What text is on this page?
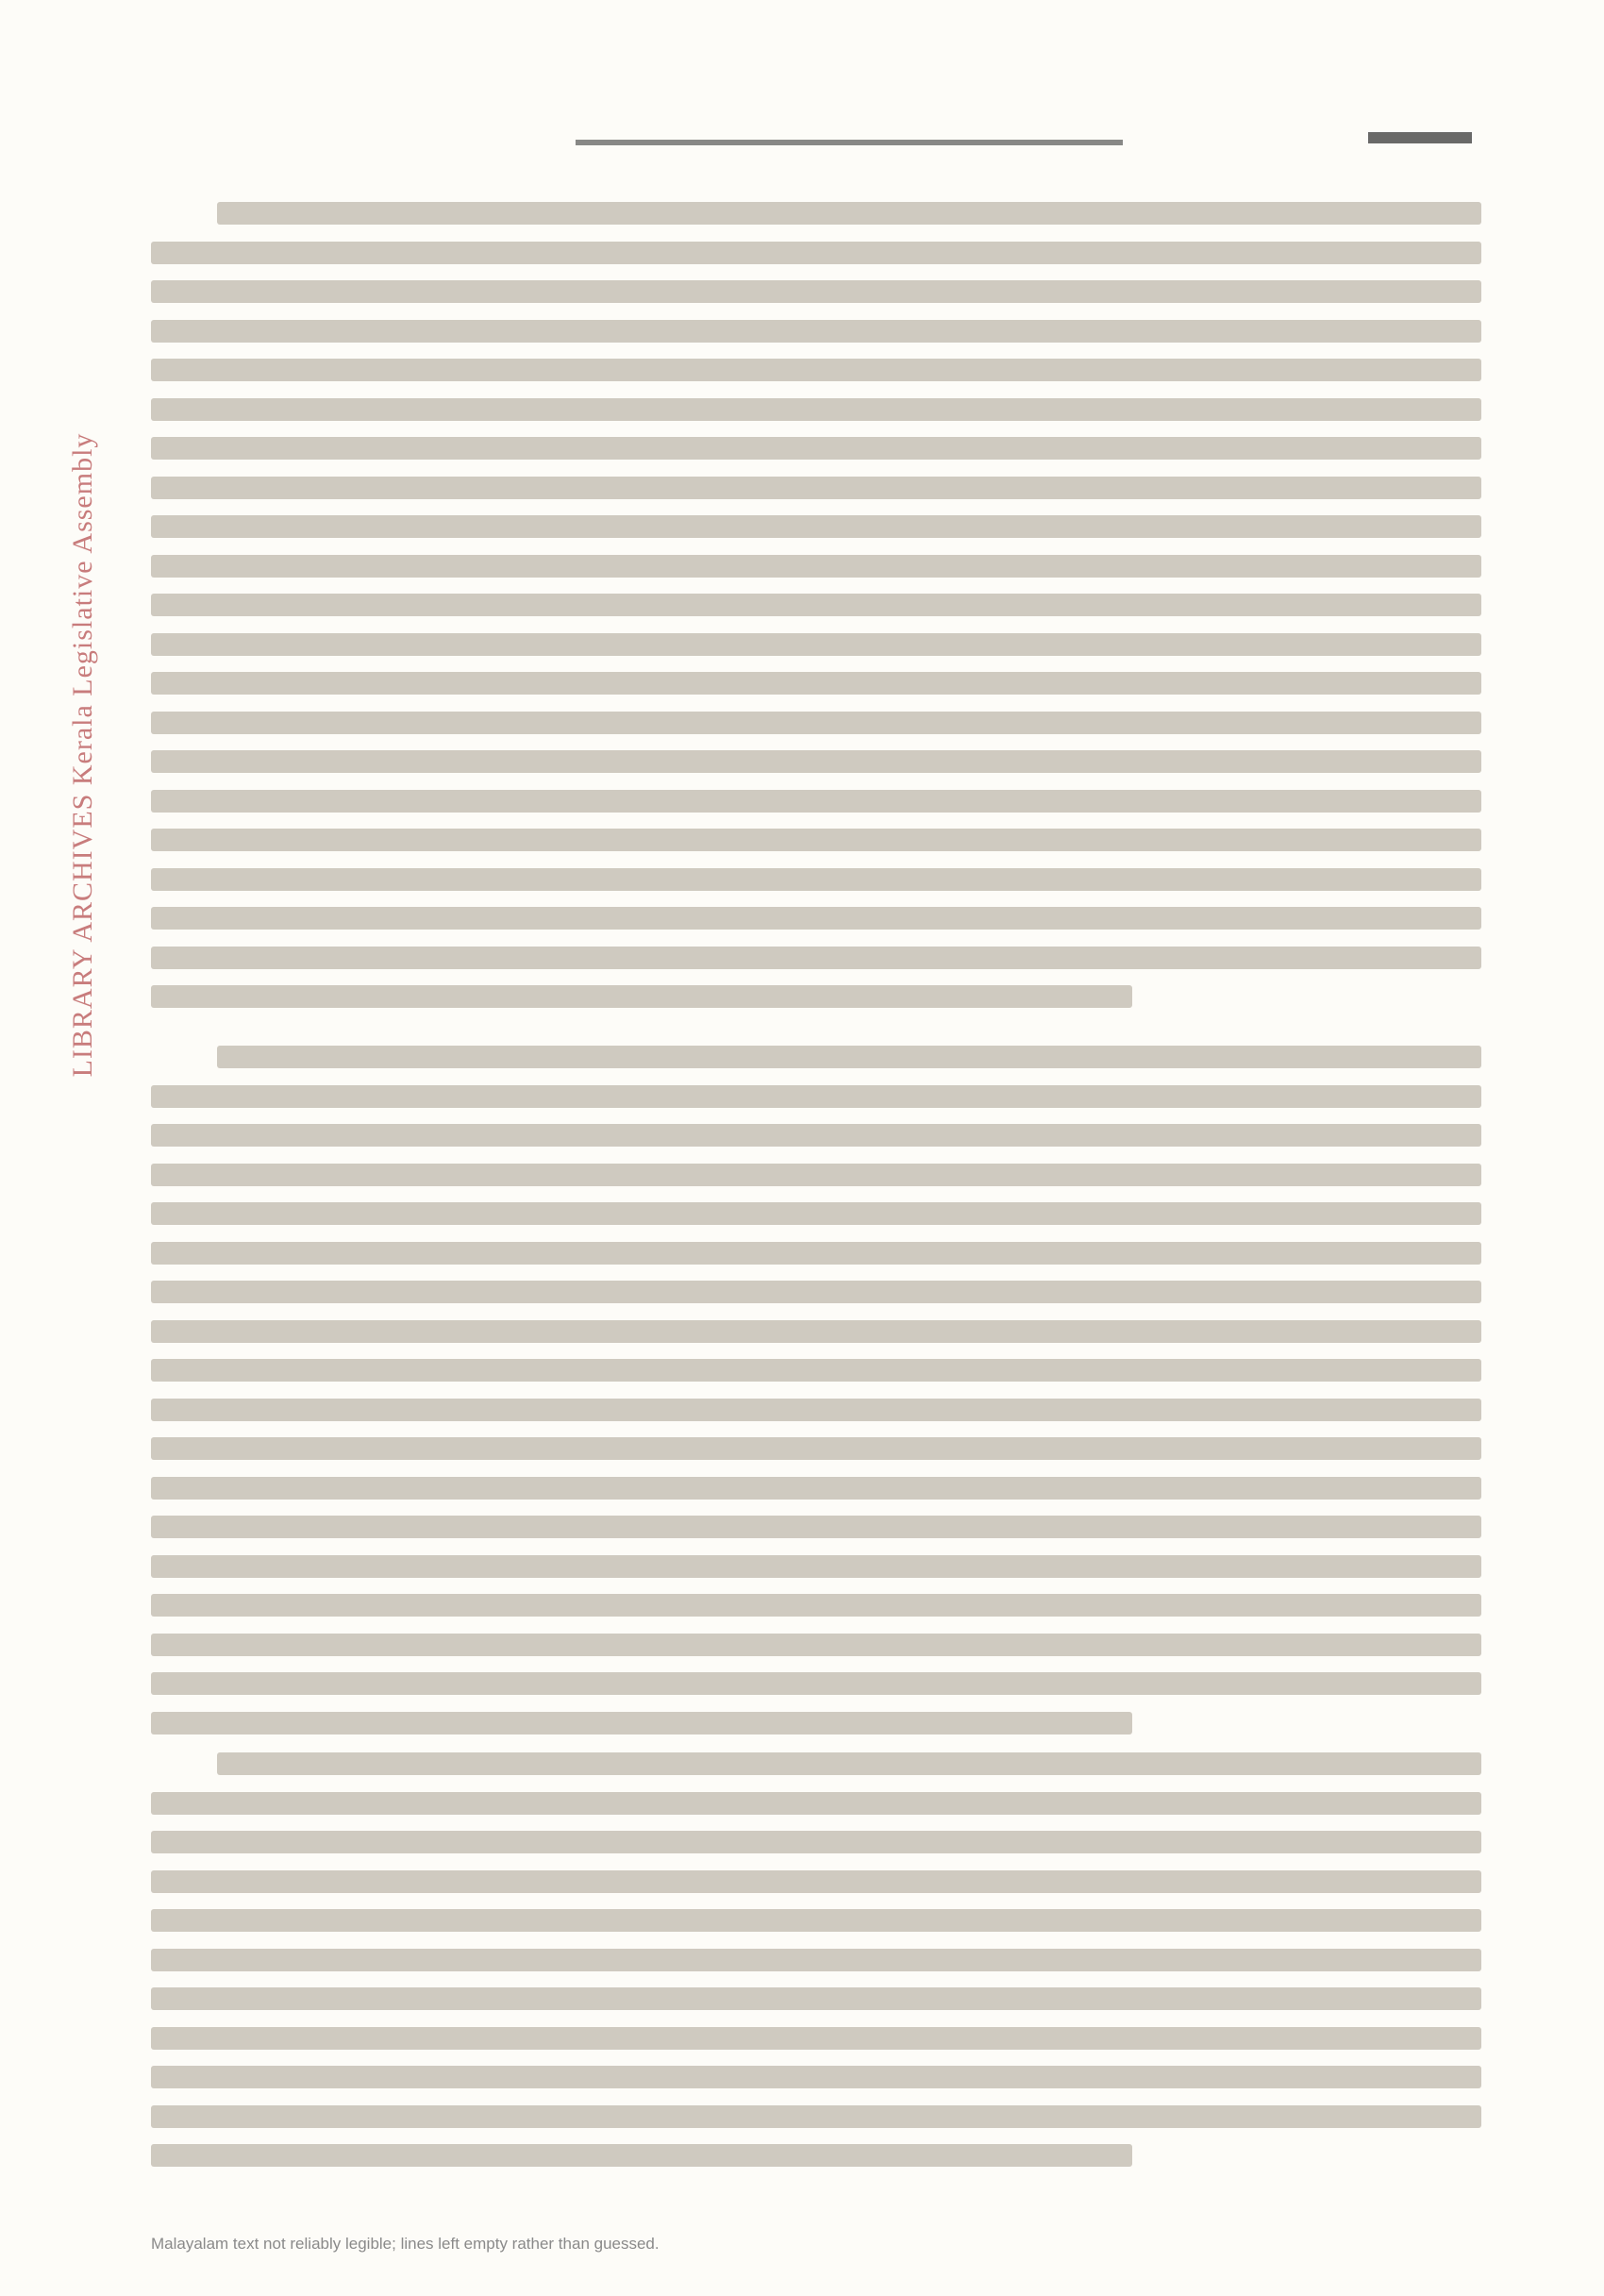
LIBRARY ARCHIVES Kerala Legislative Assembly
Malayalam text not reliably legible; lines left empty rather than guessed.
